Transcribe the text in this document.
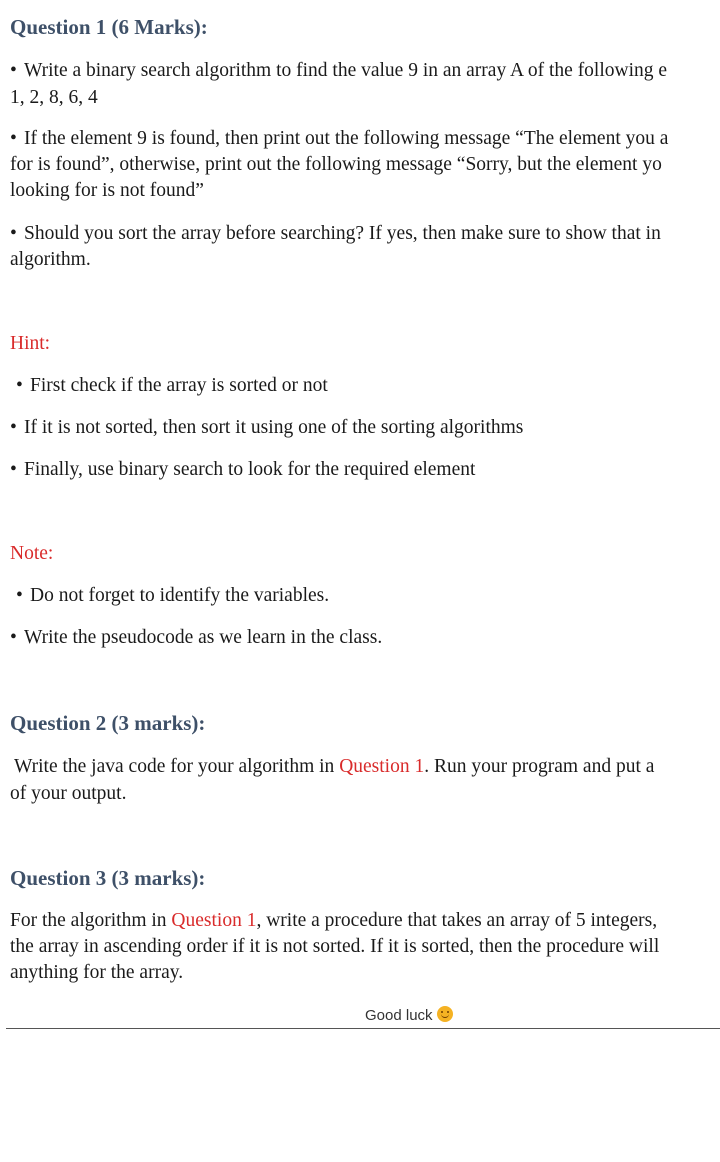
Question 1 (6 Marks):

• Write a binary search algorithm to find the value 9 in an array A of the following e

1, 2, 8, 6, 4

• If the element 9 is found, then print out the following message “The element you a

for is found”, otherwise, print out the following message “Sorry, but the element yo

looking for is not found”

• Should you sort the array before searching? If yes, then make sure to show that in

algorithm.

Hint:

• First check if the array is sorted or not

• If it is not sorted, then sort it using one of the sorting algorithms

• Finally, use binary search to look for the required element

Note:

• Do not forget to identify the variables.

• Write the pseudocode as we learn in the class.

Question 2 (3 marks):

Write the java code for your algorithm in Question 1. Run your program and put a

of your output.

Question 3 (3 marks):

For the algorithm in Question 1, write a procedure that takes an array of 5 integers,

the array in ascending order if it is not sorted. If it is sorted, then the procedure will

anything for the array.

Good luck
